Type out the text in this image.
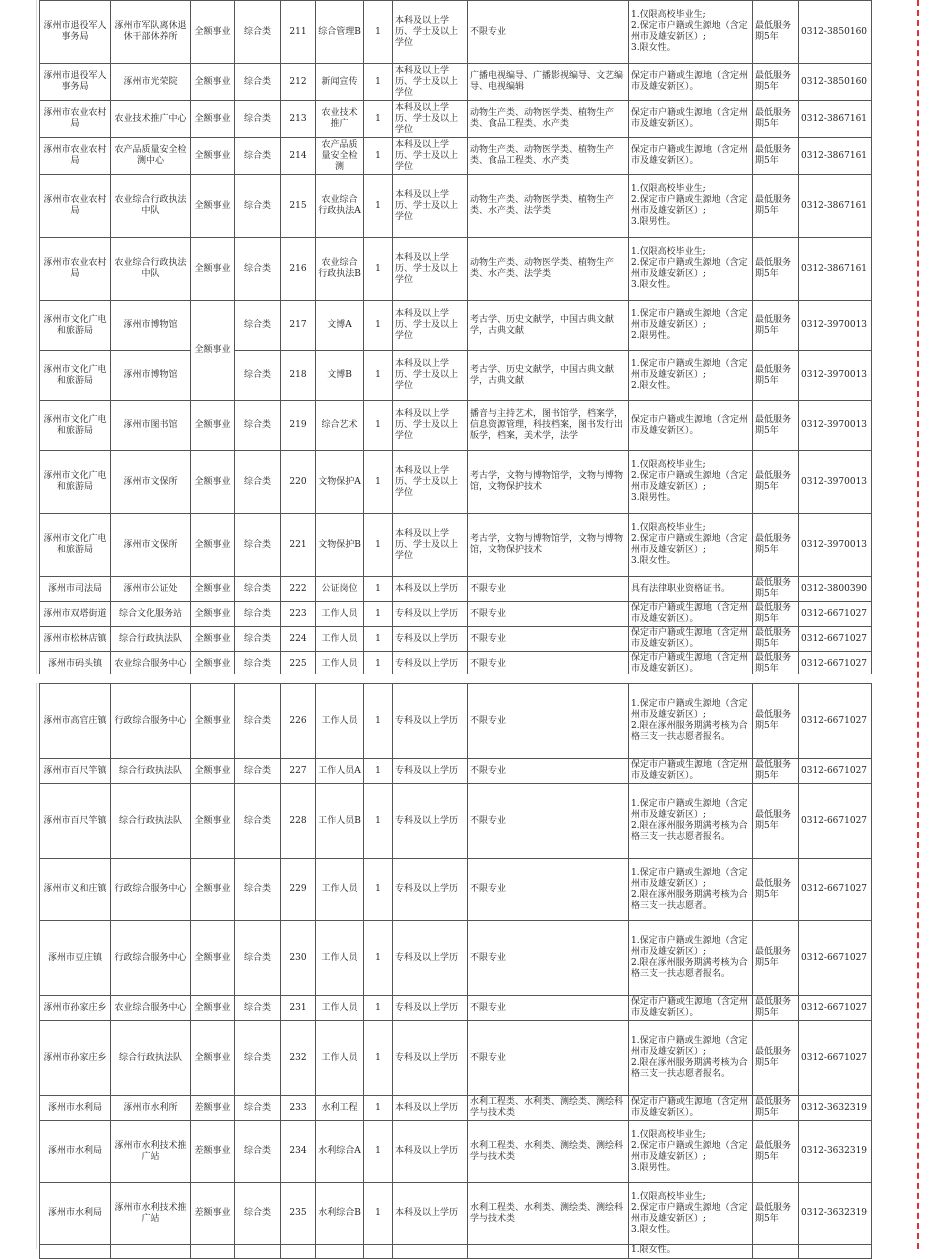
涿州市退役军人事务局	涿州市军队离休退休干部休养所	全额事业	综合类	211	综合管理B	1	本科及以上学历、学士及以上学位	不限专业	1.仅限高校毕业生;
2.保定市户籍或生源地（含定州市及雄安新区）;
3.限女性。	最低服务期5年	0312-3850160
涿州市退役军人事务局	涿州市光荣院	全额事业	综合类	212	新闻宣传	1	本科及以上学历、学士及以上学位	广播电视编导、广播影视编导、文艺编导、电视编辑	保定市户籍或生源地（含定州市及雄安新区）。	最低服务期5年	0312-3850160
涿州市农业农村局	农业技术推广中心	全额事业	综合类	213	农业技术推广	1	本科及以上学历、学士及以上学位	动物生产类、动物医学类、植物生产类、食品工程类、水产类	保定市户籍或生源地（含定州市及雄安新区）。	最低服务期5年	0312-3867161
涿州市农业农村局	农产品质量安全检测中心	全额事业	综合类	214	农产品质量安全检测	1	本科及以上学历、学士及以上学位	动物生产类、动物医学类、植物生产类、食品工程类、水产类	保定市户籍或生源地（含定州市及雄安新区）。	最低服务期5年	0312-3867161
涿州市农业农村局	农业综合行政执法中队	全额事业	综合类	215	农业综合行政执法A	1	本科及以上学历、学士及以上学位	动物生产类、动物医学类、植物生产类、水产类、法学类	1.仅限高校毕业生;
2.保定市户籍或生源地（含定州市及雄安新区）;
3.限男性。	最低服务期5年	0312-3867161
涿州市农业农村局	农业综合行政执法中队	全额事业	综合类	216	农业综合行政执法B	1	本科及以上学历、学士及以上学位	动物生产类、动物医学类、植物生产类、水产类、法学类	1.仅限高校毕业生;
2.保定市户籍或生源地（含定州市及雄安新区）;
3.限女性。	最低服务期5年	0312-3867161
涿州市文化广电和旅游局	涿州市博物馆	全额事业	综合类	217	文博A	1	本科及以上学历、学士及以上学位	考古学、历史文献学，中国古典文献学，古典文献	1.保定市户籍或生源地（含定州市及雄安新区）;
2.限男性。	最低服务期5年	0312-3970013
涿州市文化广电和旅游局	涿州市博物馆		综合类	218	文博B	1	本科及以上学历、学士及以上学位	考古学、历史文献学，中国古典文献学，古典文献	1.保定市户籍或生源地（含定州市及雄安新区）;
2.限女性。	最低服务期5年	0312-3970013
涿州市文化广电和旅游局	涿州市图书馆	全额事业	综合类	219	综合艺术	1	本科及以上学历、学士及以上学位	播音与主持艺术，图书馆学，档案学，信息资源管理，科技档案，图书发行出版学，档案，美术学，法学	保定市户籍或生源地（含定州市及雄安新区）。	最低服务期5年	0312-3970013
涿州市文化广电和旅游局	涿州市文保所	全额事业	综合类	220	文物保护A	1	本科及以上学历、学士及以上学位	考古学，文物与博物馆学，文物与博物馆，文物保护技术	1.仅限高校毕业生;
2.保定市户籍或生源地（含定州市及雄安新区）;
3.限男性。	最低服务期5年	0312-3970013
涿州市文化广电和旅游局	涿州市文保所	全额事业	综合类	221	文物保护B	1	本科及以上学历、学士及以上学位	考古学，文物与博物馆学，文物与博物馆，文物保护技术	1.仅限高校毕业生;
2.保定市户籍或生源地（含定州市及雄安新区）;
3.限女性。	最低服务期5年	0312-3970013
涿州市司法局	涿州市公证处	全额事业	综合类	222	公证岗位	1	本科及以上学历	不限专业	具有法律职业资格证书。	最低服务期5年	0312-3800390
涿州市双塔街道	综合文化服务站	全额事业	综合类	223	工作人员	1	专科及以上学历	不限专业	保定市户籍或生源地（含定州市及雄安新区）。	最低服务期5年	0312-6671027
涿州市松林店镇	综合行政执法队	全额事业	综合类	224	工作人员	1	专科及以上学历	不限专业	保定市户籍或生源地（含定州市及雄安新区）。	最低服务期5年	0312-6671027
涿州市码头镇	农业综合服务中心	全额事业	综合类	225	工作人员	1	专科及以上学历	不限专业	保定市户籍或生源地（含定州市及雄安新区）。	最低服务期5年	0312-6671027
涿州市高官庄镇	行政综合服务中心	全额事业	综合类	226	工作人员	1	专科及以上学历	不限专业	1.保定市户籍或生源地（含定州市及雄安新区）;
2.限在涿州服务期满考核为合格三支一扶志愿者报名。	最低服务期5年	0312-6671027
涿州市百尺竿镇	综合行政执法队	全额事业	综合类	227	工作人员A	1	专科及以上学历	不限专业	保定市户籍或生源地（含定州市及雄安新区）。	最低服务期5年	0312-6671027
涿州市百尺竿镇	综合行政执法队	全额事业	综合类	228	工作人员B	1	专科及以上学历	不限专业	1.保定市户籍或生源地（含定州市及雄安新区）;
2.限在涿州服务期满考核为合格三支一扶志愿者报名。	最低服务期5年	0312-6671027
涿州市义和庄镇	行政综合服务中心	全额事业	综合类	229	工作人员	1	专科及以上学历	不限专业	1.保定市户籍或生源地（含定州市及雄安新区）;
2.限在涿州服务期满考核为合格三支一扶志愿者。	最低服务期5年	0312-6671027
涿州市豆庄镇	行政综合服务中心	全额事业	综合类	230	工作人员	1	专科及以上学历	不限专业	1.保定市户籍或生源地（含定州市及雄安新区）;
2.限在涿州服务期满考核为合格三支一扶志愿者报名。	最低服务期5年	0312-6671027
涿州市孙家庄乡	农业综合服务中心	全额事业	综合类	231	工作人员	1	专科及以上学历	不限专业	保定市户籍或生源地（含定州市及雄安新区）。	最低服务期5年	0312-6671027
涿州市孙家庄乡	综合行政执法队	全额事业	综合类	232	工作人员	1	专科及以上学历	不限专业	1.保定市户籍或生源地（含定州市及雄安新区）;
2.限在涿州服务期满考核为合格三支一扶志愿者报名。	最低服务期5年	0312-6671027
涿州市水利局	涿州市水利所	差额事业	综合类	233	水利工程	1	本科及以上学历	水利工程类、水利类、测绘类、测绘科学与技术类	保定市户籍或生源地（含定州市及雄安新区）。	最低服务期5年	0312-3632319
涿州市水利局	涿州市水利技术推广站	差额事业	综合类	234	水利综合A	1	本科及以上学历	水利工程类、水利类、测绘类、测绘科学与技术类	1.仅限高校毕业生;
2.保定市户籍或生源地（含定州市及雄安新区）;
3.限男性。	最低服务期5年	0312-3632319
涿州市水利局	涿州市水利技术推广站	差额事业	综合类	235	水利综合B	1	本科及以上学历	水利工程类、水利类、测绘类、测绘科学与技术类	1.仅限高校毕业生;
2.保定市户籍或生源地（含定州市及雄安新区）;
3.限女性。	最低服务期5年	0312-3632319
									1.限女性。		
